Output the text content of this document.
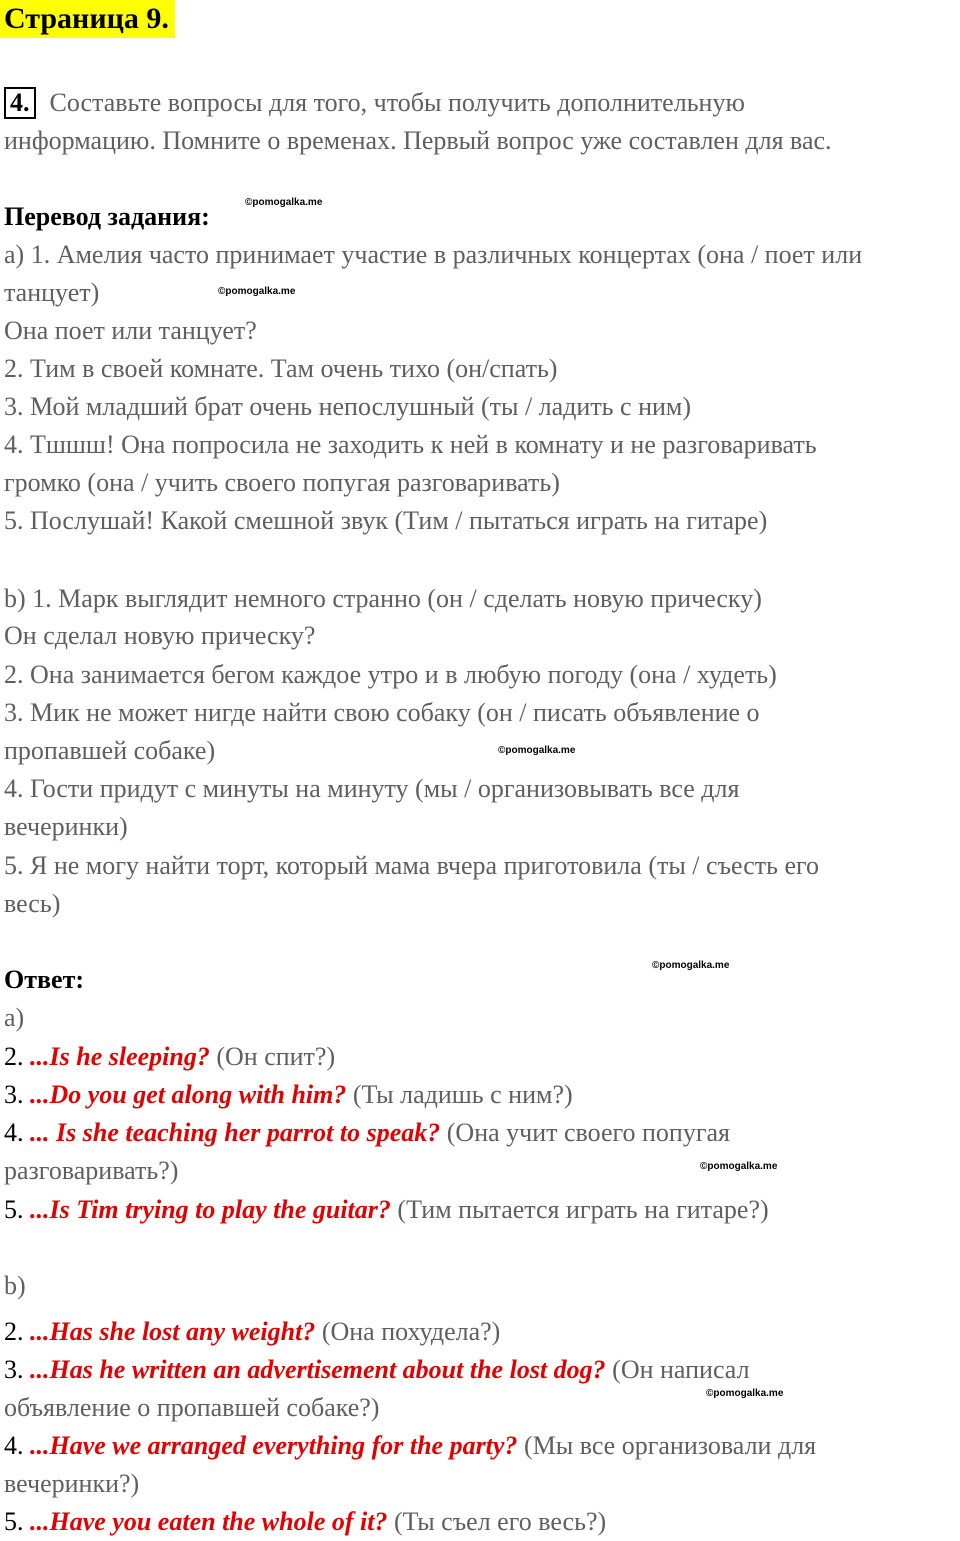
Страница 9.
4. Составьте вопросы для того, чтобы получить дополнительную
информацию. Помните о временах. Первый вопрос уже составлен для вас.
Перевод задания:
a) 1. Амелия часто принимает участие в различных концертах (она / поет или
танцует)
Она поет или танцует?
2. Тим в своей комнате. Там очень тихо (он/спать)
3. Мой младший брат очень непослушный (ты / ладить с ним)
4. Тшшш! Она попросила не заходить к ней в комнату и не разговаривать
громко (она / учить своего попугая разговаривать)
5. Послушай! Какой смешной звук (Тим / пытаться играть на гитаре)
b) 1. Марк выглядит немного странно (он / сделать новую прическу)
Он сделал новую прическу?
2. Она занимается бегом каждое утро и в любую погоду (она / худеть)
3. Мик не может нигде найти свою собаку (он / писать объявление о
пропавшей собаке)
4. Гости придут с минуты на минуту (мы / организовывать все для
вечеринки)
5. Я не могу найти торт, который мама вчера приготовила (ты / съесть его
весь)
Ответ:
a)
2. ...Is he sleeping? (Он спит?)
3. ...Do you get along with him? (Ты ладишь с ним?)
4. ... Is she teaching her parrot to speak? (Она учит своего попугая
разговаривать?)
5. ...Is Tim trying to play the guitar? (Тим пытается играть на гитаре?)
b)
2. ...Has she lost any weight? (Она похудела?)
3. ...Has he written an advertisement about the lost dog? (Он написал
объявление о пропавшей собаке?)
4. ...Have we arranged everything for the party? (Мы все организовали для
вечеринки?)
5. ...Have you eaten the whole of it? (Ты съел его весь?)
©pomogalka.me
©pomogalka.me
©pomogalka.me
©pomogalka.me
©pomogalka.me
©pomogalka.me
